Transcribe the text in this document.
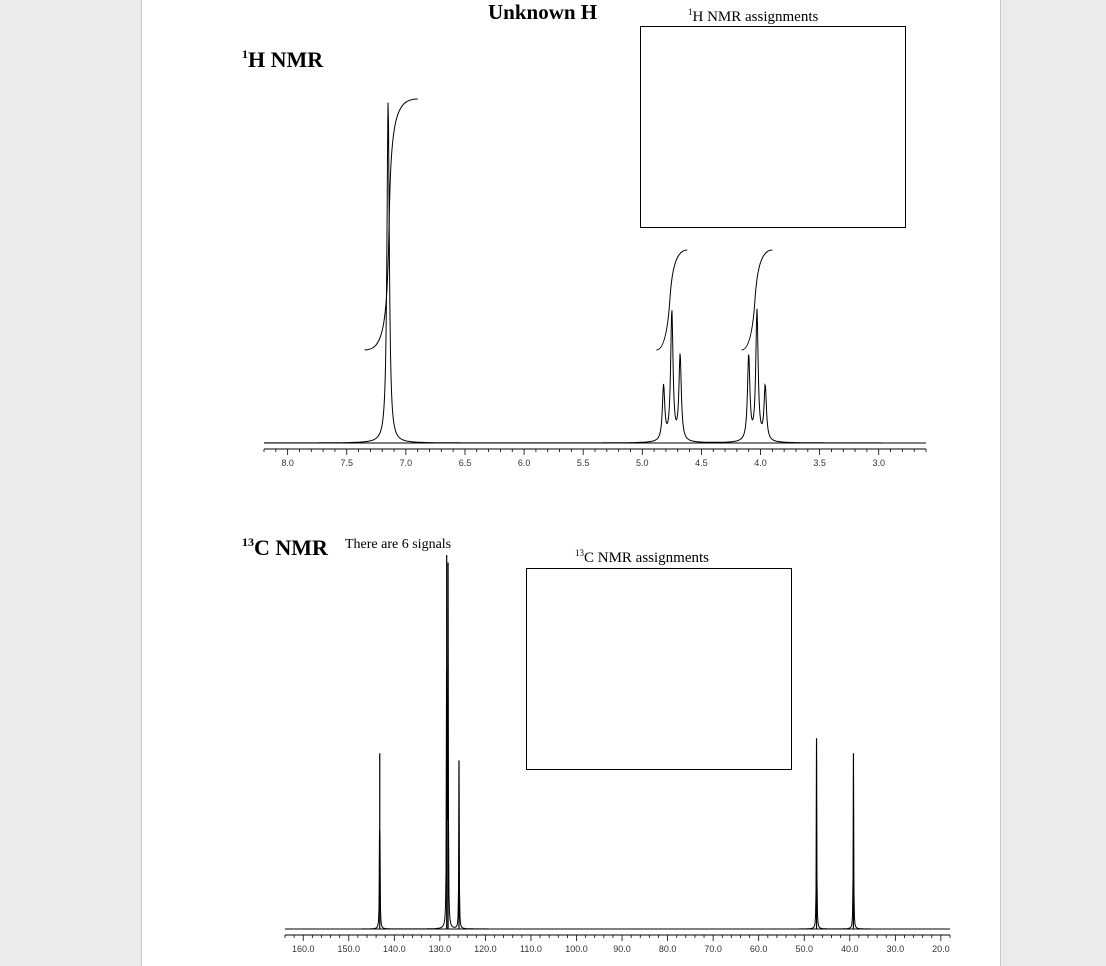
Unknown H
$^1$H NMR
$^1$H NMR assignments
$^{13}$C NMR There are 6 signals
$^{13}$C NMR assignments
8.0	7.5	7.0	6.5	6.0	5.5	5.0	4.5	4.0	3.5	3.0
160.0	150.0	140.0	130.0	120.0	110.0	100.0	90.0	80.0	70.0	60.0	50.0	40.0	30.0	20.0
